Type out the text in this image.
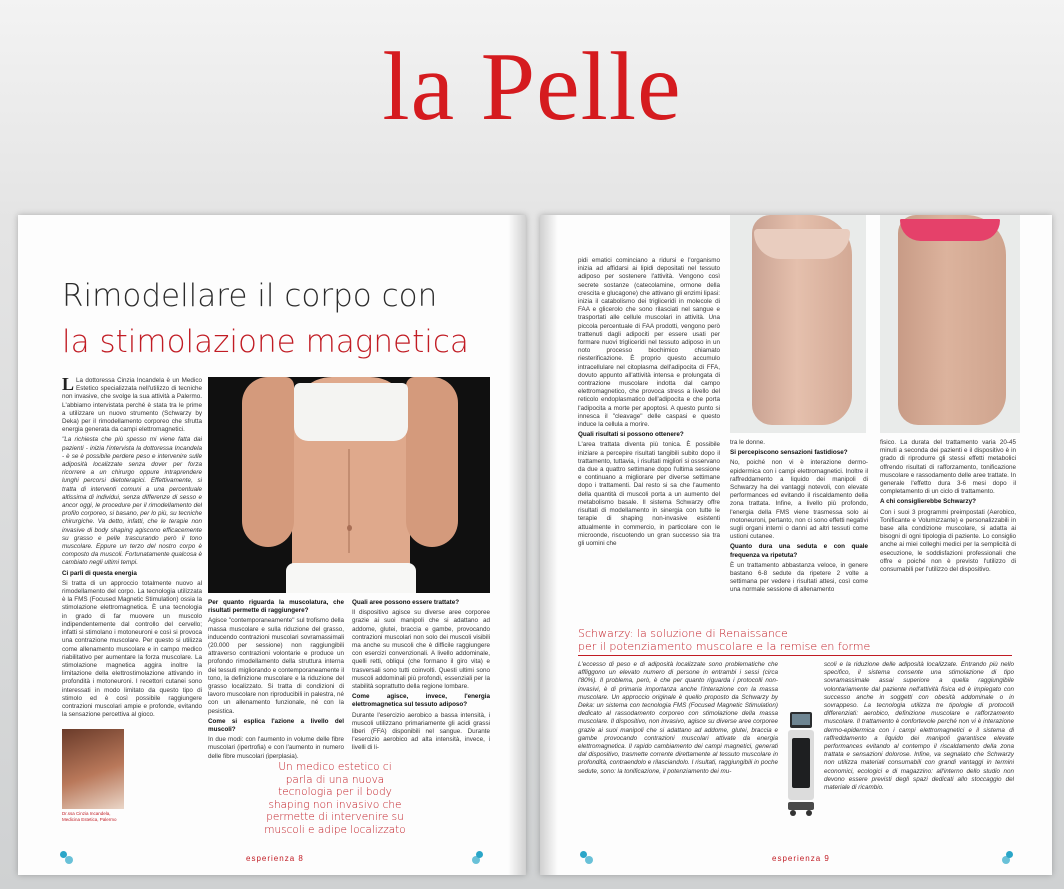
la Pelle
Rimodellare il corpo con
la stimolazione magnetica

L La dottoressa Cinzia Incandela è un Medico Estetico specializzata nell'utilizzo di tecniche non invasive, che svolge la sua attività a Palermo. L'abbiamo intervistata perché è stata tra le prime a utilizzare un nuovo strumento (Schwarzy by Deka) per il rimodellamento corporeo che sfrutta energia generata da campi elettromagnetici.

"La richiesta che più spesso mi viene fatta dai pazienti - inizia l'intervista la dottoressa Incandela - è se è possibile perdere peso e intervenire sulle adiposità localizzate senza dover per forza ricorrere a un chirurgo oppure intraprendere lunghi percorsi dietoterapici. Effettivamente, si tratta di interventi comuni a una percentuale altissima di individui, senza differenze di sesso e ancor oggi, le procedure per il rimodellamento del profilo corporeo, si basano, per lo più, su tecniche chirurgiche. Va detto, infatti, che le terapie non invasive di body shaping agiscono efficacemente su grasso e pelle trascurando però il tono muscolare. Eppure un terzo del nostro corpo è composto da muscoli. Fortunatamente qualcosa è cambiato negli ultimi tempi.

Ci parli di questa energia

Si tratta di un approccio totalmente nuovo al rimodellamento del corpo. La tecnologia utilizzata è la FMS (Focused Magnetic Stimulation) ossia la stimolazione elettromagnetica. È una tecnologia in grado di far muovere un muscolo indipendentemente dal controllo del cervello; infatti si stimolano i motoneuroni e così si provoca una contrazione muscolare. Per questo si utilizza come allenamento muscolare e in campo medico riabilitativo per aumentare la forza muscolare. La stimolazione magnetica aggira inoltre la limitazione della elettrostimolazione attivando in profondità i motoneuroni. I recettori cutanei sono interessati in modo limitato da questo tipo di stimolo ed è così possibile raggiungere contrazioni muscolari ampie e profonde, evitando la sensazione percettiva al gioco.

Dr.ssa Cinzia Incandela, Medicina Estetica, Palermo

Per quanto riguarda la muscolatura, che risultati permette di raggiungere?

Agisce "contemporaneamente" sul trofismo della massa muscolare e sulla riduzione del grasso, inducendo contrazioni muscolari sovramassimali (20.000 per sessione) non raggiungibili attraverso contrazioni volontarie e produce un profondo rimodellamento della struttura interna dei tessuti migliorando e contemporaneamente il tono, la definizione muscolare e la riduzione del grasso localizzato. Si tratta di condizioni di lavoro muscolare non riproducibili in palestra, né con un allenamento funzionale, né con la pesistica.

Come si esplica l'azione a livello del muscoli?

In due modi: con l'aumento in volume delle fibre muscolari (ipertrofia) e con l'aumento in numero delle fibre muscolari (iperplasia).

Quali aree possono essere trattate?

Il dispositivo agisce su diverse aree corporee grazie ai suoi manipoli che si adattano ad addome, glutei, braccia e gambe, provocando contrazioni muscolari non solo dei muscoli visibili ma anche su muscoli che è difficile raggiungere con esercizi convenzionali. A livello addominale, quelli retti, obliqui (che formano il giro vita) e trasversali sono tutti coinvolti. Questi ultimi sono muscoli addominali più profondi, essenziali per la stabilità soprattutto della regione lombare.

Come agisce, invece, l'energia elettromagnetica sul tessuto adiposo?

Durante l'esercizio aerobico a bassa intensità, i muscoli utilizzano primariamente gli acidi grassi liberi (FFA) disponibili nel sangue. Durante l'esercizio aerobico ad alta intensità, invece, i livelli di li-

Un medico estetico ci parla di una nuova tecnologia per il body shaping non invasivo che permette di intervenire su muscoli e adipe localizzato
esperienza 8

pidi ematici cominciano a ridursi e l'organismo inizia ad affidarsi ai lipidi depositati nel tessuto adiposo per sostenere l'attività. Vengono così secrete sostanze (catecolamine, ormone della crescita e glucagone) che attivano gli enzimi lipasi: inizia il catabolismo dei trigliceridi in molecole di FAA e glicerolo che sono rilasciati nel sangue e trasportati alle cellule muscolari in attività. Una piccola percentuale di FAA prodotti, vengono però trattenuti dagli adipociti per essere usati per formare nuovi trigliceridi nel tessuto adiposo in un noto processo biochimico chiamato riesterificazione. È proprio questo accumulo intracellulare nel citoplasma dell'adipocita di FFA, dovuto appunto all'attività intensa e prolungata di contrazione muscolare indotta dal campo elettromagnetico, che provoca stress a livello del reticolo endoplasmatico dell'adipocita e che porta l'adipocita a morte per apoptosi. A questo punto si innesca il "cleavage" delle caspasi e questo induce la cellula a morire.

Quali risultati si possono ottenere?

L'area trattata diventa più tonica. È possibile iniziare a percepire risultati tangibili subito dopo il trattamento, tuttavia, i risultati migliori si osservano da due a quattro settimane dopo l'ultima sessione e continuano a migliorare per diverse settimane dopo i trattamenti. Dal resto si sa che l'aumento della quantità di muscoli porta a un aumento del metabolismo basale. Il sistema Schwarzy offre risultati di modellamento in sinergia con tutte le terapie di shaping non-invasive esistenti attualmente in commercio, in particolare con le microonde, riscuotendo un gran successo sia tra gli uomini che

tra le donne.

Si percepiscono sensazioni fastidiose?

No, poiché non vi è interazione dermo-epidermica con i campi elettromagnetici. Inoltre il raffreddamento a liquido dei manipoli di Schwarzy ha dei vantaggi notevoli, con elevate performances ed evitando il riscaldamento della zona trattata. Infine, a livello più profondo, l'energia della FMS viene trasmessa solo ai motoneuroni, pertanto, non ci sono effetti negativi sugli organi interni o danni ad altri tessuti come ustioni cutanee.

Quanto dura una seduta e con quale frequenza va ripetuta?

È un trattamento abbastanza veloce, in genere bastano 6-8 sedute da ripetere 2 volte a settimana per vedere i risultati attesi, così come una normale sessione di allenamento

fisico. La durata del trattamento varia 20-45 minuti a seconda dei pazienti e il dispositivo è in grado di riprodurre gli stessi effetti metabolici offrendo risultati di rafforzamento, tonificazione muscolare e rassodamento delle aree trattate. In generale l'effetto dura 3-6 mesi dopo il completamento di un ciclo di trattamento.

A chi consiglierebbe Schwarzy?

Con i suoi 3 programmi preimpostati (Aerobico, Tonificante e Volumizzante) e personalizzabili in base alla condizione muscolare, si adatta ai bisogni di ogni tipologia di paziente. Lo consiglio anche ai miei colleghi medici per la semplicità di esecuzione, le soddisfazioni professionali che offre e poiché non è previsto l'utilizzo di consumabili per l'utilizzo del dispositivo.

Schwarzy: la soluzione di Renaissance
per il potenziamento muscolare e la remise en forme

L'eccesso di peso e di adiposità localizzate sono problematiche che affliggono un elevato numero di persone in entrambi i sessi (circa l'80%). Il problema, però, è che per quanto riguarda i protocolli non-invasivi, è di primaria importanza anche l'interazione con la massa muscolare. Un approccio originale è quello proposto da Schwarzy by Deka: un sistema con tecnologia FMS (Focused Magnetic Stimulation) dedicato al rassodamento corporeo con stimolazione della massa muscolare. Il dispositivo, non invasivo, agisce su diverse aree corporee grazie ai suoi manipoli che si adattano ad addome, glutei, braccia e gambe provocando contrazioni muscolari attivate da energia elettromagnetica. Il rapido cambiamento dei campi magnetici, generati dal dispositivo, trasmette corrente direttamente al tessuto muscolare in profondità, contraendolo e rilasciandolo. I risultati, raggiungibili in poche sedute, sono: la tonificazione, il potenziamento dei mu-

scoli e la riduzione delle adiposità localizzate. Entrando più nello specifico, il sistema consente una stimolazione di tipo sovramassimale assai superiore a quella raggiungibile volontariamente dal paziente nell'attività fisica ed è impiegato con successo anche in soggetti con obesità addominale o in sovrappeso. La tecnologia utilizza tre tipologie di protocolli differenziati: aerobico, definizione muscolare e rafforzamento muscolare. Il trattamento è confortevole perché non vi è interazione dermo-epidermica con i campi elettromagnetici e il sistema di raffreddamento a liquido dei manipoli garantisce elevate performances evitando al contempo il riscaldamento della zona trattata e sensazioni dolorose. Infine, va segnalato che Schwarzy non utilizza materiali consumabili con grandi vantaggi in termini economici, ecologici e di magazzino: all'interno dello studio non devono essere previsti degli spazi dedicati allo stoccaggio del materiale di ricambio.

esperienza 9
